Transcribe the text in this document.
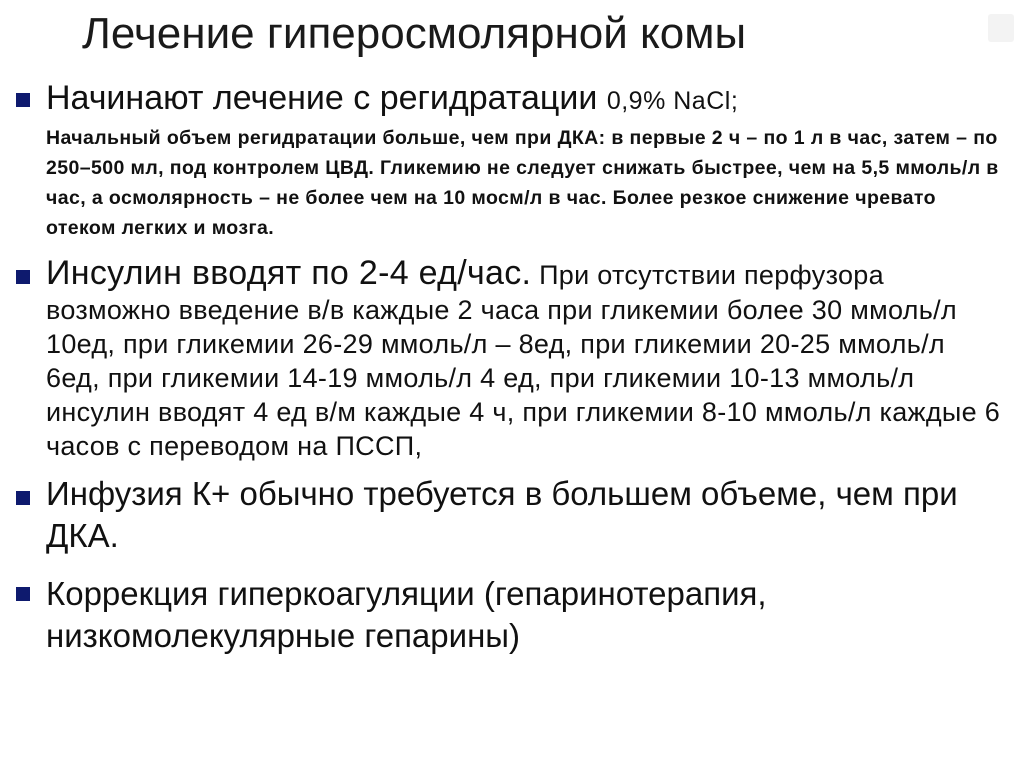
Лечение гиперосмолярной комы
Начинают лечение с регидратации 0,9% NaCl;
Начальный объем регидратации больше, чем при ДКА: в первые 2 ч – по 1 л в час, затем – по 250–500 мл, под контролем ЦВД. Гликемию не следует снижать быстрее, чем на 5,5 ммоль/л в час, а осмолярность – не более чем на 10 мосм/л в час. Более резкое снижение чревато отеком легких и мозга.
Инсулин вводят по 2-4 ед/час. При отсутствии перфузора возможно введение в/в каждые 2 часа при гликемии более 30 ммоль/л 10ед, при гликемии 26-29 ммоль/л – 8ед, при гликемии 20-25 ммоль/л 6ед, при гликемии 14-19 ммоль/л 4 ед, при гликемии 10-13 ммоль/л инсулин вводят 4 ед в/м каждые 4 ч, при гликемии 8-10 ммоль/л каждые 6 часов с переводом на ПССП,
Инфузия К+ обычно требуется в большем объеме, чем при ДКА.
Коррекция гиперкоагуляции (гепаринотерапия, низкомолекулярные гепарины)
